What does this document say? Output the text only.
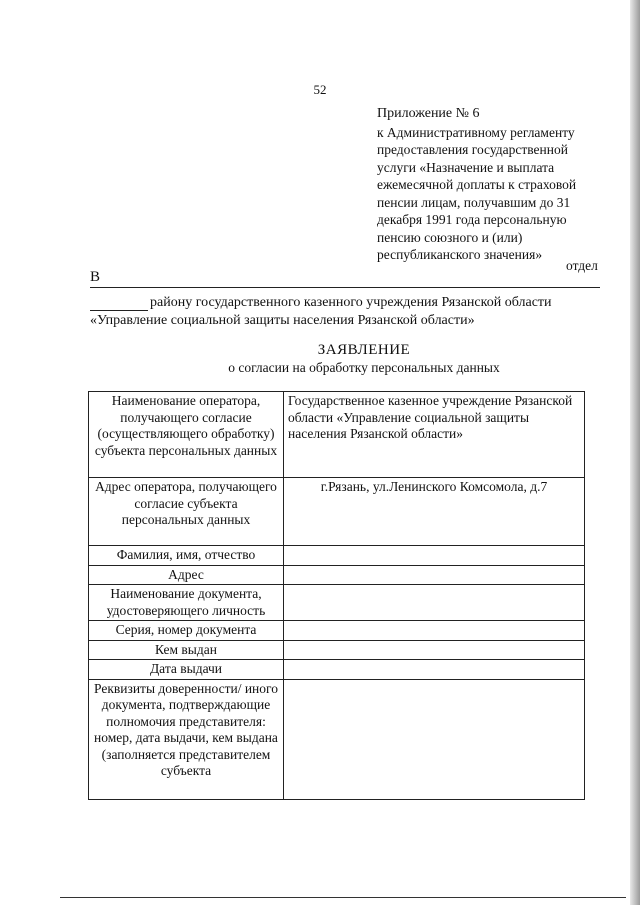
52
Приложение № 6
к Административному регламенту
предоставления государственной
услуги «Назначение и выплата
ежемесячной доплаты к страховой
пенсии лицам, получавшим до 31
декабря 1991 года персональную
пенсию союзного и (или)
республиканского значения»
В
отдел
району государственного казенного учреждения Рязанской области
«Управление социальной защиты населения Рязанской области»
ЗАЯВЛЕНИЕ
о согласии на обработку персональных данных
Наименование оператора, получающего согласие (осуществляющего обработку) субъекта персональных данных	Государственное казенное учреждение Рязанской области «Управление социальной защиты населения Рязанской области»
Адрес оператора, получающего согласие субъекта персональных данных	г.Рязань, ул.Ленинского Комсомола, д.7
Фамилия, имя, отчество	
Адрес	
Наименование документа, удостоверяющего личность	
Серия, номер документа	
Кем выдан	
Дата выдачи	
Реквизиты доверенности/ иного документа, подтверждающие полномочия представителя: номер, дата выдачи, кем выдана (заполняется представителем субъекта	
